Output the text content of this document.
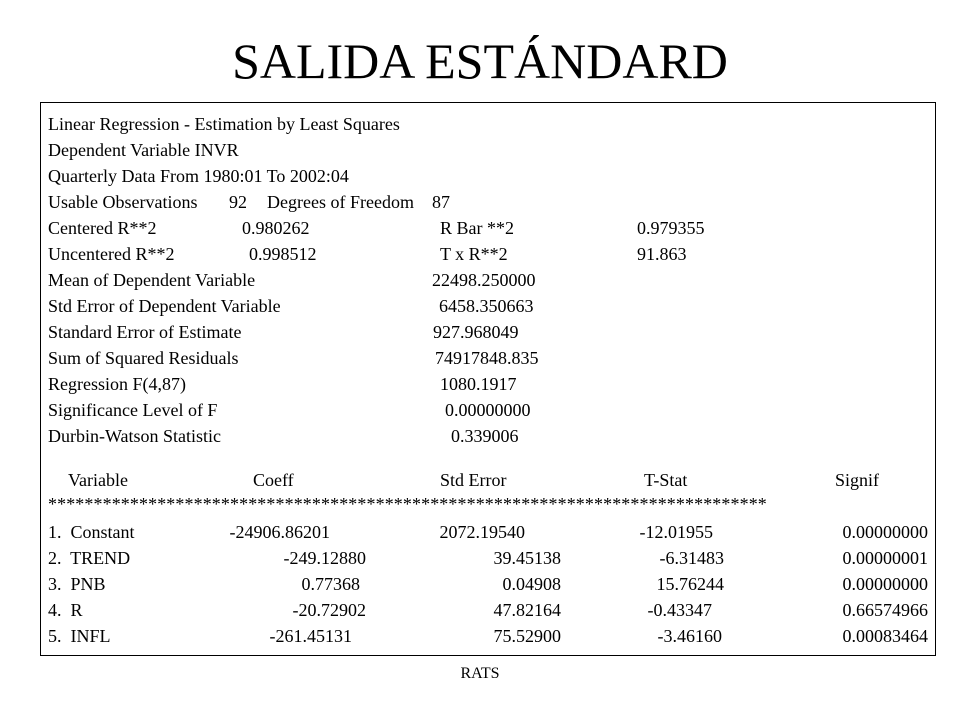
SALIDA ESTÁNDARD
Linear Regression - Estimation by Least Squares
Dependent Variable INVR
Quarterly Data From 1980:01 To 2002:04
Usable Observations 92 Degrees of Freedom 87
Centered R**2	0.980262	R Bar **2	0.979355
Uncentered R**2	0.998512	T x R**2	91.863
Mean of Dependent Variable	22498.250000
Std Error of Dependent Variable	6458.350663
Standard Error of Estimate	927.968049
Sum of Squared Residuals	74917848.835
Regression F(4,87)	1080.1917
Significance Level of F	0.00000000
Durbin-Watson Statistic	0.339006
Variable	Coeff	Std Error	T-Stat	Signif
*******************************************************************************
1.  Constant	-24906.86201	2072.19540	-12.01955	0.00000000
2.  TREND	-249.12880	39.45138	-6.31483	0.00000001
3.  PNB	0.77368	0.04908	15.76244	0.00000000
4.  R	-20.72902	47.82164	-0.43347	0.66574966
5.  INFL	-261.45131	75.52900	-3.46160	0.00083464
RATS
